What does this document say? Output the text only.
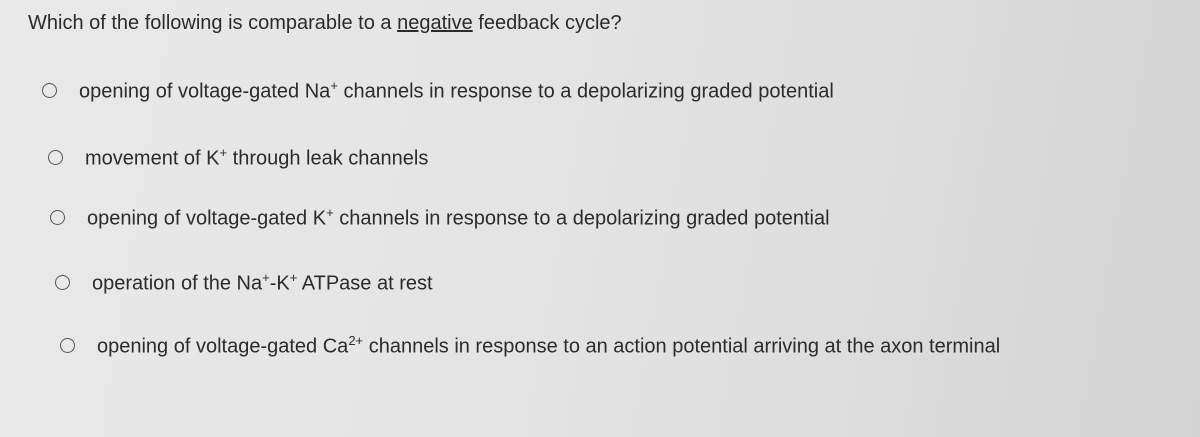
Which of the following is comparable to a negative feedback cycle?
opening of voltage-gated Na+ channels in response to a depolarizing graded potential
movement of K+ through leak channels
opening of voltage-gated K+ channels in response to a depolarizing graded potential
operation of the Na+-K+ ATPase at rest
opening of voltage-gated $Ca^{2+}$ channels in response to an action potential arriving at the axon terminal
